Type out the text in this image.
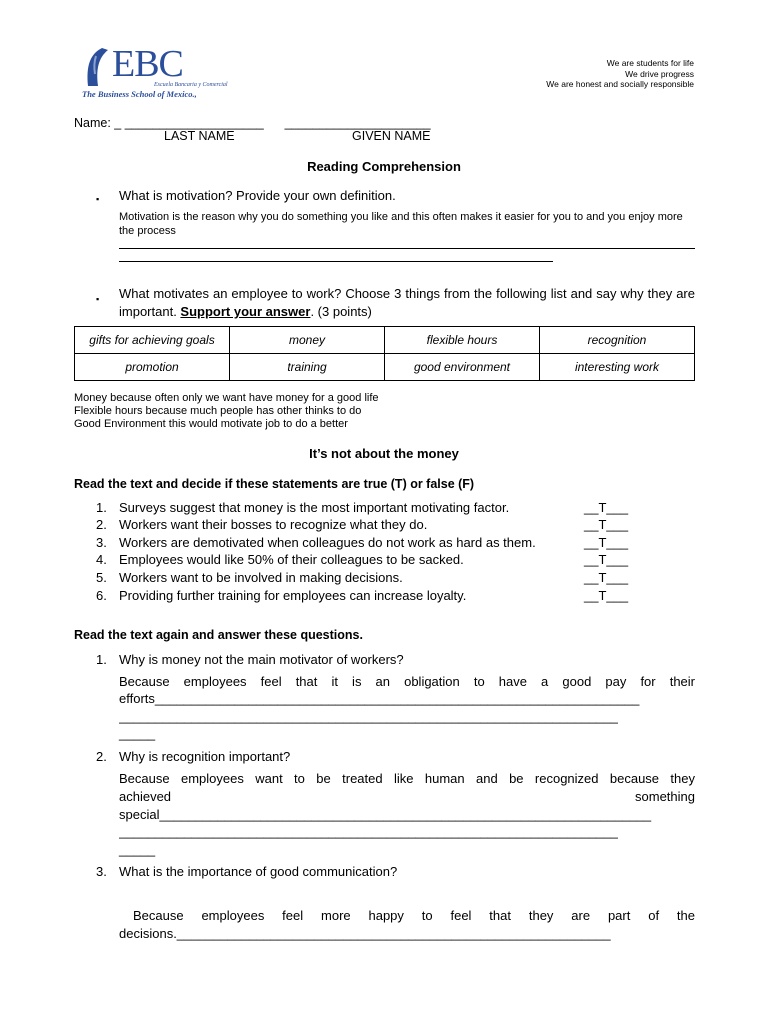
EBC
Escuela Bancaria y Comercial
The Business School of Mexico.,
We are students for life
We drive progress
We are honest and socially responsible
Name: _ ____________________      _____________________
LAST NAME	GIVEN NAME
Reading Comprehension
▪ What is motivation? Provide your own definition.
Motivation is the reason why you do something you like and this often makes it easier for you to and you enjoy more the process
▪ What motivates an employee to work? Choose 3 things from the following list and say why they are important. Support your answer. (3 points)
gifts for achieving goals	money	flexible hours	recognition
promotion	training	good environment	interesting work
Money because often only we want have money for a good life
Flexible hours because much people has other thinks to do
Good Environment this would motivate job to do a better
It’s not about the money
Read the text and decide if these statements are true (T) or false (F)
1. Surveys suggest that money is the most important motivating factor.	__T___
2. Workers want their bosses to recognize what they do.	__T___
3. Workers are demotivated when colleagues do not work as hard as them.	__T___
4. Employees would like 50% of their colleagues to be sacked.	__T___
5. Workers want to be involved in making decisions.	__T___
6. Providing further training for employees can increase loyalty.	__T___
Read the text again and answer these questions.
1. Why is money not the main motivator of workers?
Because employees feel that it is an obligation to have a good pay for their
efforts___________________________________________________________________
_____________________________________________________________________
_____
2. Why is recognition important?
Because employees want to be treated like human and be recognized because they
achieved	something
special____________________________________________________________________
_____________________________________________________________________
_____
3. What is the importance of good communication?
Because employees feel more happy to feel that they are part of the
decisions.____________________________________________________________
